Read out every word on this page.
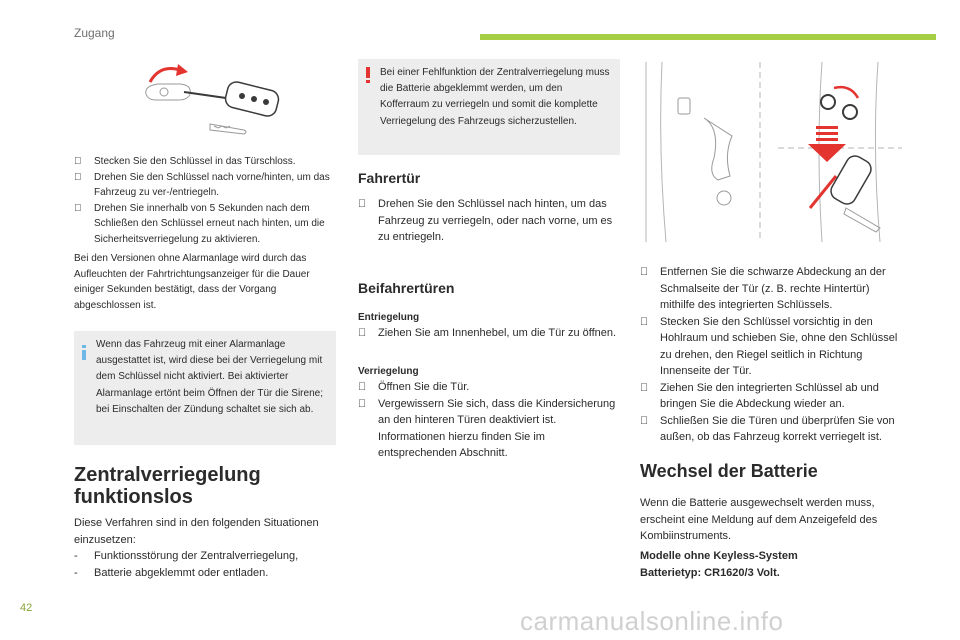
Zugang
Stecken Sie den Schlüssel in das Türschloss.
Drehen Sie den Schlüssel nach vorne/hinten, um das Fahrzeug zu ver-/entriegeln.
Drehen Sie innerhalb von 5 Sekunden nach dem Schließen den Schlüssel erneut nach hinten, um die Sicherheitsverriegelung zu aktivieren.

Bei den Versionen ohne Alarmanlage wird durch das Aufleuchten der Fahrtrichtungsanzeiger für die Dauer einiger Sekunden bestätigt, dass der Vorgang abgeschlossen ist.

Wenn das Fahrzeug mit einer Alarmanlage ausgestattet ist, wird diese bei der Verriegelung mit dem Schlüssel nicht aktiviert. Bei aktivierter Alarmanlage ertönt beim Öffnen der Tür die Sirene; bei Einschalten der Zündung schaltet sie sich ab.

Zentralverriegelung funktionslos

Diese Verfahren sind in den folgenden Situationen einzusetzen:

- Funktionsstörung der Zentralverriegelung,
- Batterie abgeklemmt oder entladen.

Bei einer Fehlfunktion der Zentralverriegelung muss die Batterie abgeklemmt werden, um den Kofferraum zu verriegeln und somit die komplette Verriegelung des Fahrzeugs sicherzustellen.

Fahrertür
Drehen Sie den Schlüssel nach hinten, um das Fahrzeug zu verriegeln, oder nach vorne, um es zu entriegeln.
Beifahrertüren

Entriegelung

Ziehen Sie am Innenhebel, um die Tür zu öffnen.

Verriegelung

Öffnen Sie die Tür.
Vergewissern Sie sich, dass die Kindersicherung an den hinteren Türen deaktiviert ist. Informationen hierzu finden Sie im entsprechenden Abschnitt.
Entfernen Sie die schwarze Abdeckung an der Schmalseite der Tür (z. B. rechte Hintertür) mithilfe des integrierten Schlüssels.
Stecken Sie den Schlüssel vorsichtig in den Hohlraum und schieben Sie, ohne den Schlüssel zu drehen, den Riegel seitlich in Richtung Innenseite der Tür.
Ziehen Sie den integrierten Schlüssel ab und bringen Sie die Abdeckung wieder an.
Schließen Sie die Türen und überprüfen Sie von außen, ob das Fahrzeug korrekt verriegelt ist.
Wechsel der Batterie

Wenn die Batterie ausgewechselt werden muss, erscheint eine Meldung auf dem Anzeigefeld des Kombiinstruments.

Modelle ohne Keyless-System
Batterietyp: CR1620/3 Volt.

42	carmanualsonline.info
